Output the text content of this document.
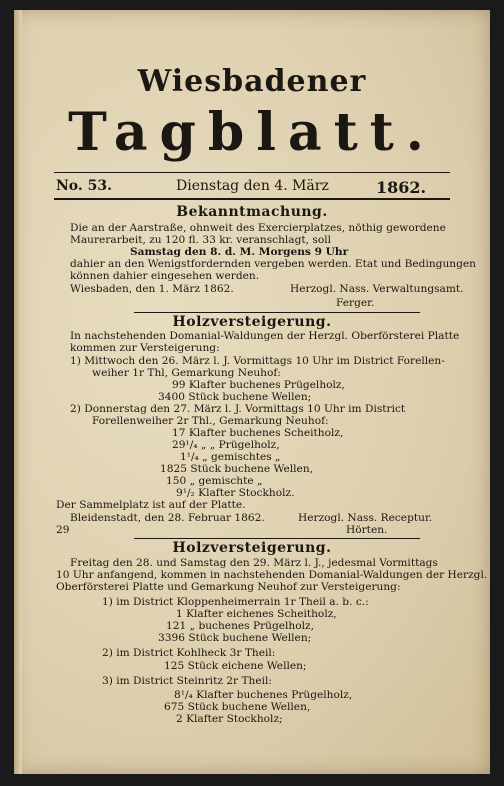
Wiesbadener
Tagblatt.
No. 53.	Dienstag den 4. März	1862.
Bekanntmachung.
Die an der Aarstraße, ohnweit des Exercierplatzes, nöthig gewordene
Maurerarbeit, zu 120 fl. 33 kr. veranschlagt, soll
Samstag den 8. d. M. Morgens 9 Uhr
dahier an den Wenigstfordernden vergeben werden. Etat und Bedingungen
können dahier eingesehen werden.
Wiesbaden, den 1. März 1862.	Herzogl. Nass. Verwaltungsamt.
Ferger.
Holzversteigerung.
In nachstehenden Domanial-Waldungen der Herzgl. Oberförsterei Platte
kommen zur Versteigerung:
1) Mittwoch den 26. März l. J. Vormittags 10 Uhr im District Forellen-
weiher 1r Thl, Gemarkung Neuhof:
99 Klafter buchenes Prügelholz,
3400 Stück buchene Wellen;
2) Donnerstag den 27. März l. J. Vormittags 10 Uhr im District
Forellenweiher 2r Thl., Gemarkung Neuhof:
17 Klafter buchenes Scheitholz,
29¹/₄ „ „ Prügelholz,
1¹/₄ „ gemischtes „
1825 Stück buchene Wellen,
150 „ gemischte „
9¹/₂ Klafter Stockholz.
Der Sammelplatz ist auf der Platte.
Bleidenstadt, den 28. Februar 1862.	Herzogl. Nass. Receptur.
29	Hörten.
Holzversteigerung.
Freitag den 28. und Samstag den 29. März l. J., jedesmal Vormittags
10 Uhr anfangend, kommen in nachstehenden Domanial-Waldungen der Herzgl.
Oberförsterei Platte und Gemarkung Neuhof zur Versteigerung:
1) im District Kloppenheimerrain 1r Theil a. b. c.:
1 Klafter eichenes Scheitholz,
121 „ buchenes Prügelholz,
3396 Stück buchene Wellen;
2) im District Kohlheck 3r Theil:
125 Stück eichene Wellen;
3) im District Steinritz 2r Theil:
8¹/₄ Klafter buchenes Prügelholz,
675 Stück buchene Wellen,
2 Klafter Stockholz;
